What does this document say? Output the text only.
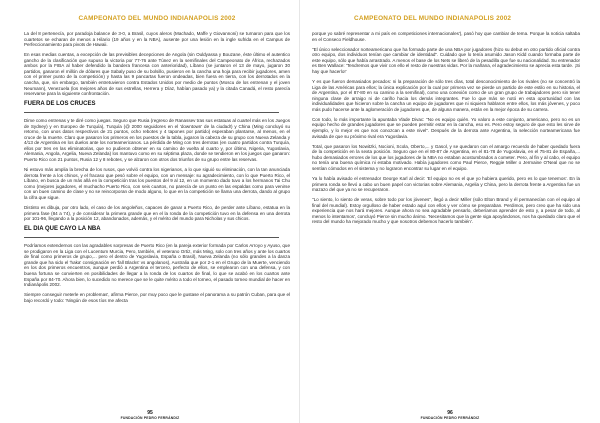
CAMPEONATO DEL MUNDO INDIANAPOLIS 2002

La del 8 pertenecía, por paradoja balance de 3-0, a Brasil, cuyos aleros (Machado, Maffe y Giovannoni) se turnaron para que los cuartetos se echaran de menos a Hilario (19 años y en la NBA), ausente por una lesión en la ingle sufrida en el Campus de Perfeccionamiento para pivots de Hawaii.

En esas medias cuentas, a excepción de las previsibles decepciones de Angola (sin Ouldyassa y Bouzane, éste último el autentico gancho de la clasificación que supuso la victoria por 77-76 ante Túnez en la semifinales del Campeonato de África, rechazados ambos por la FIBA al haber defendido la bandera francesa con anterioridad), Líbano (se juntaron el 13 de mayo, jugaron 30 partidos, ganaron el millón de dólares que Sabaly puso de su bolsillo, pusieron en la cancha una hoja para recibir jugadores, amen con el primer punto de la competición) y hasta las 9 pancartas fueron ondeadas, bien fuera en tierra, con los derrotados en la cancha, que, sin embargo, también entretuvieron contra Estados Unidos por medio de puntos (Moscu de los entrenan y el joven Neumann), Venezuela (los mejores años de sus estrellas, Herrera y Díaz, habían pasado ya) y la citada Canadá, el resto parecía reservarse para la siguiente confrontación.

FUERA DE LOS CRUCES

Dime como entrenas y te diré como juegas. Seguro que Rusia (regreso de Ranassev tras sus estatuas al cuartel más en los Juegos de Sydney) y en Europeo de Turquía), Turquía (@ 2000 seguidores en el 'downtown' de la ciudad!) y China (Ming concluyó su retorno, con unos datos respectivos de 21 puntos, ocho rebotes y 4 tapones por partido) esperaban plantarse, al menos, en el cruce de la muerte. Claro que pasaron los primeros en los puestos de la tabla, jugaron la cabeza de su grupo con Nueva Zelanda y 4/13 de Argentina en los duelos ante los norteamericanos. La pérdida de Ming con tres derrotas (en cuatro partidos contra Turquía, ellos por tres en las eliminatorias, que no pudieron obtener en su camino de vuelta al cuarto y, por último, Nigeria, Yugoslavia, Alemania, Angola, Argelia, Nueva Zelanda) los mantuvo como en su séptima plaza, donde se tendieron en los juegos que ganaron: Puerto Rico con 21 puntos, Rusia 12 y 8 rebotes, y se alzaron con otros dos triunfos de su grupo entre las reservas.

Ni estuvo más amplia la brecha de los rusos, que volvió contra los nigerianos, a lo que siguió su eliminación, con la tan anunciada derrota frente a los chinos, y el fracaso que pesó sobre el equipo, con un mensaje: su agradecimiento, con lo que Puerto Rico, el Líbano, en busca de un más allá en la competición tras los puestos del 9 al 12, en un momento dado tuvo a los hermanos Tai Chu como (mejores jugadores, el muchacho Puerto Rico, con seis cuartos, no parecía de un punto en las espaldas como para venirse con un buen camino de clase y no se reincorporan de modo alguno, lo que en la competición se llama una derrota, dando al grupo la cifra que sigue.

Distinto es dibuja, por otro lado, el caso de los angoleños, capaces de ganar a Puerto Rico, de perder ante Líbano, estatua en la primera fase (84 a 74), y de considerar la primera grande que en el la ronda de la competición tuvo en la defensa en una derrota por 101-96, llegando a la posición 12, abandonados, además, y el mérito del mundo para Nicholas y sus chicos.

EL DIA QUE CAYO LA NBA

Podríamos extendernos con las agradables sorpresas de Puerto Rico (en la pareja exterior formada por Carlos Arroyo y Ayuso, que se prodigaron en la Liga con el Lucentum Murcia, Pero, también, el veterano Ortiz, más Ming, solo con tres años y ante los cuartos de final como primeros de grupo,... pero el dentro de Yugoslavia, España o Brasil), Nueva Zelanda (no sólo grandes a la danza grande que ha sido el 'haka' consignación en 'fall Blacks' vs angolanos), Australia que por 2-1 en el Grupo de la Muerte, venciendo en los dos primeros encuentros, aunque perdió a Argentina el tercero, perfecto de ellos, se emplearon con una defensa, y con buena fortuna se convierten en posibilidades de llegar a la ronda de los cuartos de final, lo que se acabó en los cuartos ante España por 84-70. Ahora bien, lo sucedido no merece que se le quite mérito a todo el torneo, el pasado torneo mundial de hacer en Indianápolis 2002.

Siempre conseguir meterle en problemas', afirma Pierce, por muy poco que le gustase el panorama a su patrón Cuban, para que el bajo recordó y todo: 'Ningún de esos tíos me afecta

95
FUNDACIÓN PEDRO FERRÁNDIZ
CAMPEONATO DEL MUNDO INDIANAPOLIS 2002

porque yo sabré representar a mi país en competiciones internacionales'), pasó hoy que cambiar de tema. Porque la noticia saltaba en el Conseco Fieldhouse.

"El único seleccionador norteamericano que ha formado parte de una NBA por jugadores (hizo su debut en otro partido oficial contra otro equipo, dos individuos tenían que cambiar de identidad". Cuidado que lo tenía asumido Jason Kidd cuando formaba parte de este equipo, sólo que había arrastrado. A menos el base de los Nets se liberó de la pesadilla que fue su nacionalidad. Su entrenador es Ben Wallace: 'Tendremos que vivir con ello el resto de nuestras vidas. Por la mañana, el agradecimiento se aprecia esta tarde. ¡Si hay que hacerlo!'

Y es que fueron demasiados pecados: ni la preparación de sólo tres días, total desconocimiento de los rivales (no se concentró la Liga de las Américas para ellos; la única explicación por la cual por primera vez se pierde un partido de este estilo en su historia, el de Argentina, por el 87-80 en su camino a la semifinal), como una conexión como de un gran grupo de trabajadores pero sin tener ninguna clase de arraigo ni de cariño hacia los demás integrantes. Fue lo que más se notó en esta oportunidad con las individualidades que hicieron sobre la cancha un equipo de jugadores que ni siquiera hablaron entre ellos, los más jóvenes, y poco más pudo hacerse ante la aglomeración de jugadores que, de alguna manera, están en la mejor época de su carrera.

Con todo, lo más importante la apuntaba Vlade Divac: "No es equipo quién. Yo valoro a este conjunto, americano, pero no es un equipo hecho de grandes jugadores que se pueden permitir estar en la cancha, eso es. Pero estoy seguro de que esto les sirve de ejemplo, y lo mejor es que nos conozcan a este nivel". Después de la derrota ante Argentina, la selección norteamericana fue avisada de que su próximo rival era Yugoslavia.

Total, que pasaron los Nowitzki, Nocioni, Scola, Oberto,... y Gasol, y se quedaron con el amargo recuerdo de haber quedado fuera de la competición en la sexta posición. Seguro que en el 80-87 de Argentina, en el 81-78 de Yugoslavia, en el 75-81 de España,... hubo demasiados errores de los que los jugadores de la NBA no estaban acostumbrados a cometer. Pero, al fin y al cabo, el equipo no tenía una buena química ni estaba motivado. Había jugadores como Paul Pierce, Reggie Miller o Jermaine O'Neal que no se sentían cómodos en el sistema y no lograron encontrar su lugar en el equipo.

Ya lo había avisado el entrenador George Karl al decir: 'El equipo no es el que yo hubiera querido, pero es lo que tenemos'. En la primera ronda se llevó a cabo un buen papel con victorias sobre Alemania, Argelia y China, pero la derrota frente a Argentina fue un mazazo del que ya no se recuperaron.

"Lo siento, lo siento de veras, sobre todo por los jóvenes", llegó a decir Miller (sólo Elton Brand y él permanecían con el equipo al final del mundial). Estoy orgulloso de haber estado aquí con ellos y ver cómo se preparaban. Perdimos, pero creo que ha sido una experiencia que nos hará mejores. Aunque ahora no sea agradable pensarlo, deberíamos aprender de esto y, a pesar de todo, al menos lo intentamos', concluyó Pierce sin mucho ánimo. 'Necesitamos que la gente siga apoyándonos, nos ha quedado claro que el resto del mundo ha mejorado mucho y que nosotros debemos hacerlo también'.

96
FUNDACIÓN PEDRO FERRÁNDIZ
